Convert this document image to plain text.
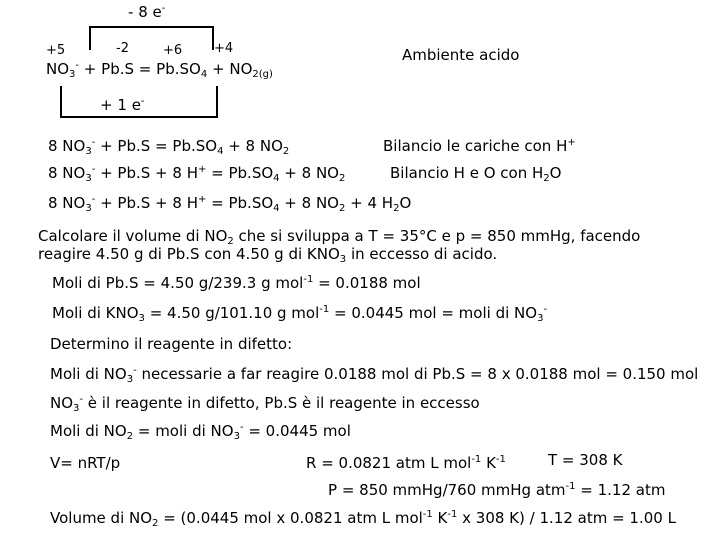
- 8 e-
+5	-2	+6 +4
$NO_3^- + Pb.S = Pb.SO_4 + NO_{2(g)}$
Ambiente acido
+ 1 e-
8 $NO_3^- + Pb.S = Pb.SO_4 + 8$ $NO_2$	Bilancio le cariche con H+
8 $NO_3^- + Pb.S + 8$ $H^+ = Pb.SO_4 + 8$ $NO_2$	Bilancio H e O con $H_2O$
8 $NO_3^- + Pb.S + 8$ $H^+ = Pb.SO_4 + 8$ $NO_2 + 4$ $H_2O$
Calcolare il volume di $NO_2$ che si sviluppa a T = 35°C e p = 850 mmHg, facendo reagire 4.50 g di Pb.S con 4.50 g di $KNO_3$ in eccesso di acido.
Moli di Pb.S = 4.50 g/239.3 g mol$^{-1}$ = 0.0188 mol
Moli di $KNO_3 = 4.50$ g/101.10 g mol$^{-1}$ = 0.0445 mol = moli di $NO_3^-$
Determino il reagente in difetto:
Moli di $NO_3^-$ necessarie a far reagire 0.0188 mol di Pb.S = 8 x 0.0188 mol = 0.150 mol
$NO_3^-$ è il reagente in difetto, Pb.S è il reagente in eccesso
Moli di $NO_2$ = moli di $NO_3^- = 0.0445$ mol
V= nRT/p	R = 0.0821 atm L mol$^{-1}$ $K^{-1}$	T = 308 K
P = 850 mmHg/760 mmHg atm$^{-1}$ = 1.12 atm
Volume di $NO_2 = (0.0445$ mol x 0.0821 atm L mol$^{-1}$ $K^{-1}$ x 308 K) / 1.12 atm = 1.00 L
